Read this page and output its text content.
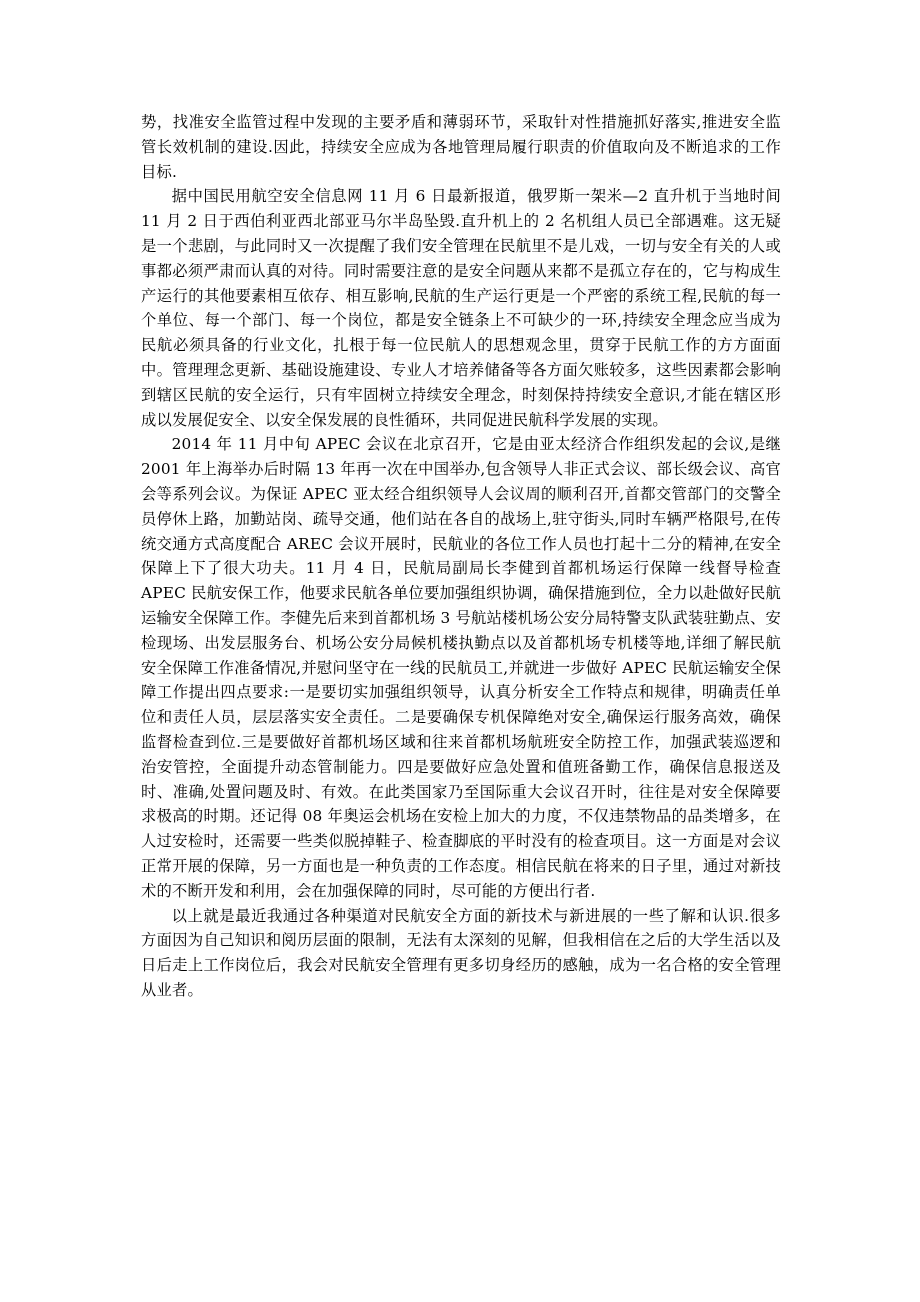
势，找准安全监管过程中发现的主要矛盾和薄弱环节，采取针对性措施抓好落实,推进安全监管长效机制的建设.因此，持续安全应成为各地管理局履行职责的价值取向及不断追求的工作目标.

据中国民用航空安全信息网 11 月 6 日最新报道，俄罗斯一架米—2 直升机于当地时间 11 月 2 日于西伯利亚西北部亚马尔半岛坠毁.直升机上的 2 名机组人员已全部遇难。这无疑是一个悲剧，与此同时又一次提醒了我们安全管理在民航里不是儿戏，一切与安全有关的人或事都必须严肃而认真的对待。同时需要注意的是安全问题从来都不是孤立存在的，它与构成生产运行的其他要素相互依存、相互影响,民航的生产运行更是一个严密的系统工程,民航的每一个单位、每一个部门、每一个岗位，都是安全链条上不可缺少的一环,持续安全理念应当成为民航必须具备的行业文化，扎根于每一位民航人的思想观念里，贯穿于民航工作的方方面面中。管理理念更新、基础设施建设、专业人才培养储备等各方面欠账较多，这些因素都会影响到辖区民航的安全运行，只有牢固树立持续安全理念，时刻保持持续安全意识,才能在辖区形成以发展促安全、以安全保发展的良性循环，共同促进民航科学发展的实现。

2014 年 11 月中旬 APEC 会议在北京召开，它是由亚太经济合作组织发起的会议,是继 2001 年上海举办后时隔 13 年再一次在中国举办,包含领导人非正式会议、部长级会议、高官会等系列会议。为保证 APEC 亚太经合组织领导人会议周的顺利召开,首都交管部门的交警全员停休上路，加勤站岗、疏导交通，他们站在各自的战场上,驻守街头,同时车辆严格限号,在传统交通方式高度配合 AREC 会议开展时，民航业的各位工作人员也打起十二分的精神,在安全保障上下了很大功夫。11 月 4 日，民航局副局长李健到首都机场运行保障一线督导检查 APEC 民航安保工作，他要求民航各单位要加强组织协调，确保措施到位，全力以赴做好民航运输安全保障工作。李健先后来到首都机场 3 号航站楼机场公安分局特警支队武装驻勤点、安检现场、出发层服务台、机场公安分局候机楼执勤点以及首都机场专机楼等地,详细了解民航安全保障工作准备情况,并慰问坚守在一线的民航员工,并就进一步做好 APEC 民航运输安全保障工作提出四点要求:一是要切实加强组织领导，认真分析安全工作特点和规律，明确责任单位和责任人员，层层落实安全责任。二是要确保专机保障绝对安全,确保运行服务高效，确保监督检查到位.三是要做好首都机场区域和往来首都机场航班安全防控工作，加强武装巡逻和治安管控，全面提升动态管制能力。四是要做好应急处置和值班备勤工作，确保信息报送及时、准确,处置问题及时、有效。在此类国家乃至国际重大会议召开时，往往是对安全保障要求极高的时期。还记得 08 年奥运会机场在安检上加大的力度，不仅违禁物品的品类增多，在人过安检时，还需要一些类似脱掉鞋子、检查脚底的平时没有的检查项目。这一方面是对会议正常开展的保障，另一方面也是一种负责的工作态度。相信民航在将来的日子里，通过对新技术的不断开发和利用，会在加强保障的同时，尽可能的方便出行者.

以上就是最近我通过各种渠道对民航安全方面的新技术与新进展的一些了解和认识.很多方面因为自己知识和阅历层面的限制，无法有太深刻的见解，但我相信在之后的大学生活以及日后走上工作岗位后，我会对民航安全管理有更多切身经历的感触，成为一名合格的安全管理从业者。
